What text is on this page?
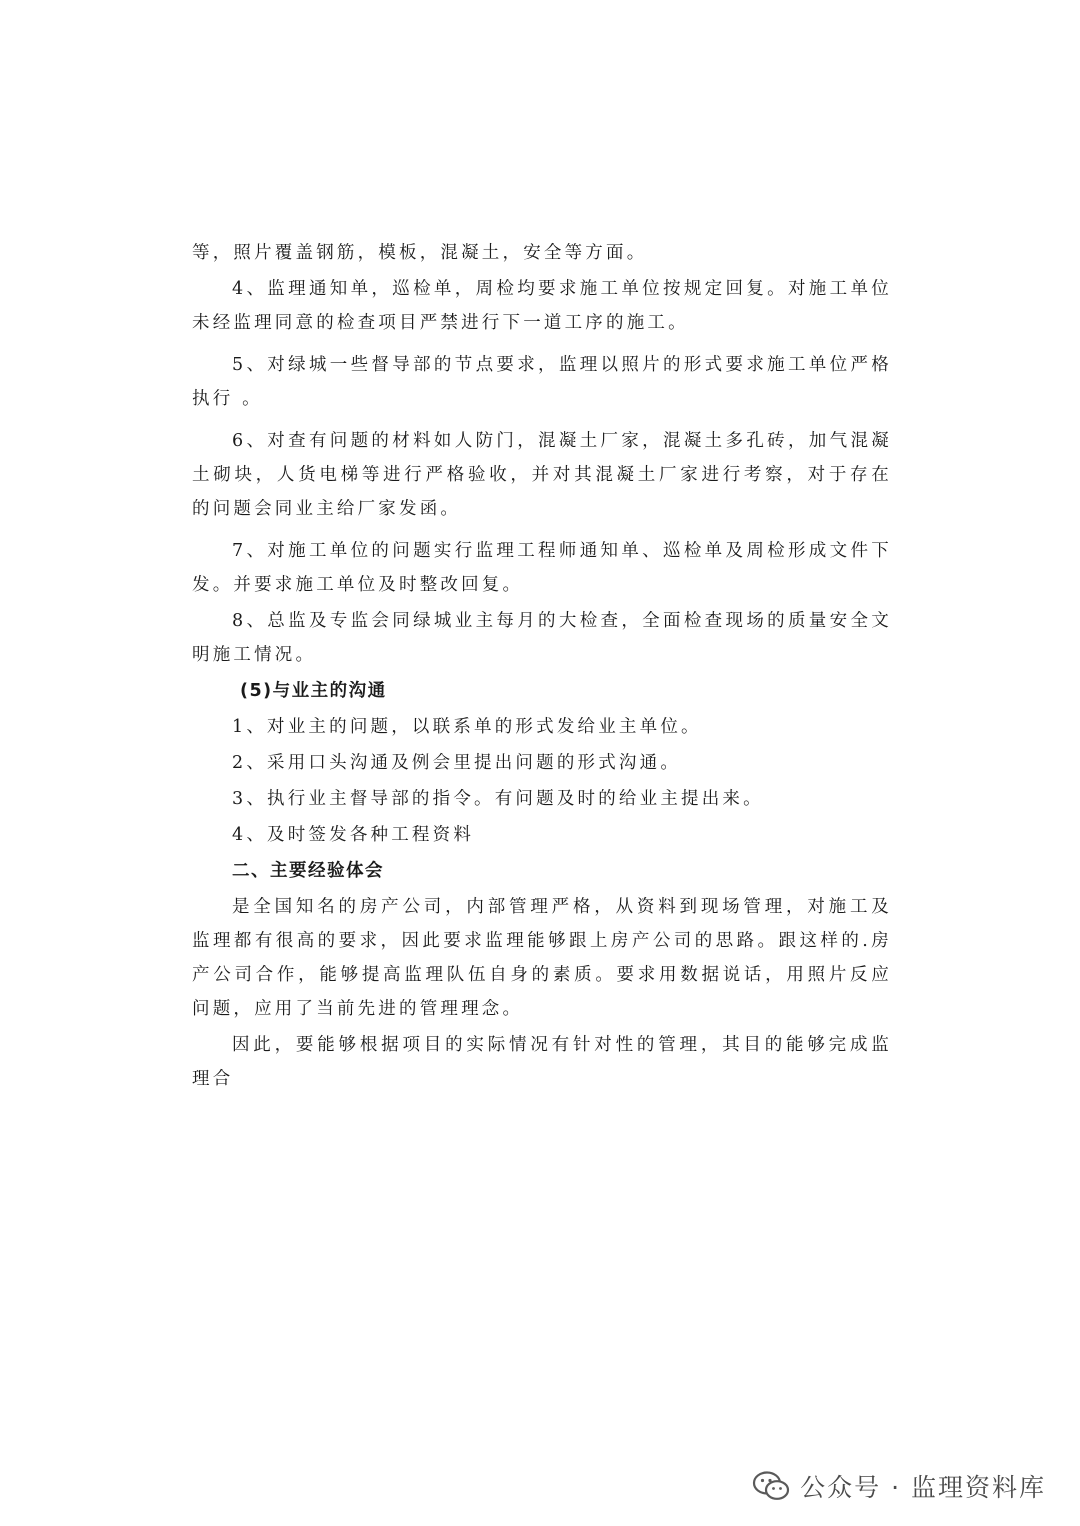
等，照片覆盖钢筋，模板，混凝土，安全等方面。

4、监理通知单，巡检单，周检均要求施工单位按规定回复。对施工单位未经监理同意的检查项目严禁进行下一道工序的施工。

5、对绿城一些督导部的节点要求，监理以照片的形式要求施工单位严格执行 。

6、对查有问题的材料如人防门，混凝土厂家，混凝土多孔砖，加气混凝土砌块，人货电梯等进行严格验收，并对其混凝土厂家进行考察，对于存在的问题会同业主给厂家发函。

7、对施工单位的问题实行监理工程师通知单、巡检单及周检形成文件下发。并要求施工单位及时整改回复。

8、总监及专监会同绿城业主每月的大检查，全面检查现场的质量安全文明施工情况。

(5)与业主的沟通

1、对业主的问题，以联系单的形式发给业主单位。

2、采用口头沟通及例会里提出问题的形式沟通。

3、执行业主督导部的指令。有问题及时的给业主提出来。

4、及时签发各种工程资料

二、主要经验体会

是全国知名的房产公司，内部管理严格，从资料到现场管理，对施工及监理都有很高的要求，因此要求监理能够跟上房产公司的思路。跟这样的.房产公司合作，能够提高监理队伍自身的素质。要求用数据说话，用照片反应问题，应用了当前先进的管理理念。

因此，要能够根据项目的实际情况有针对性的管理，其目的能够完成监理合

公众号 · 监理资料库
